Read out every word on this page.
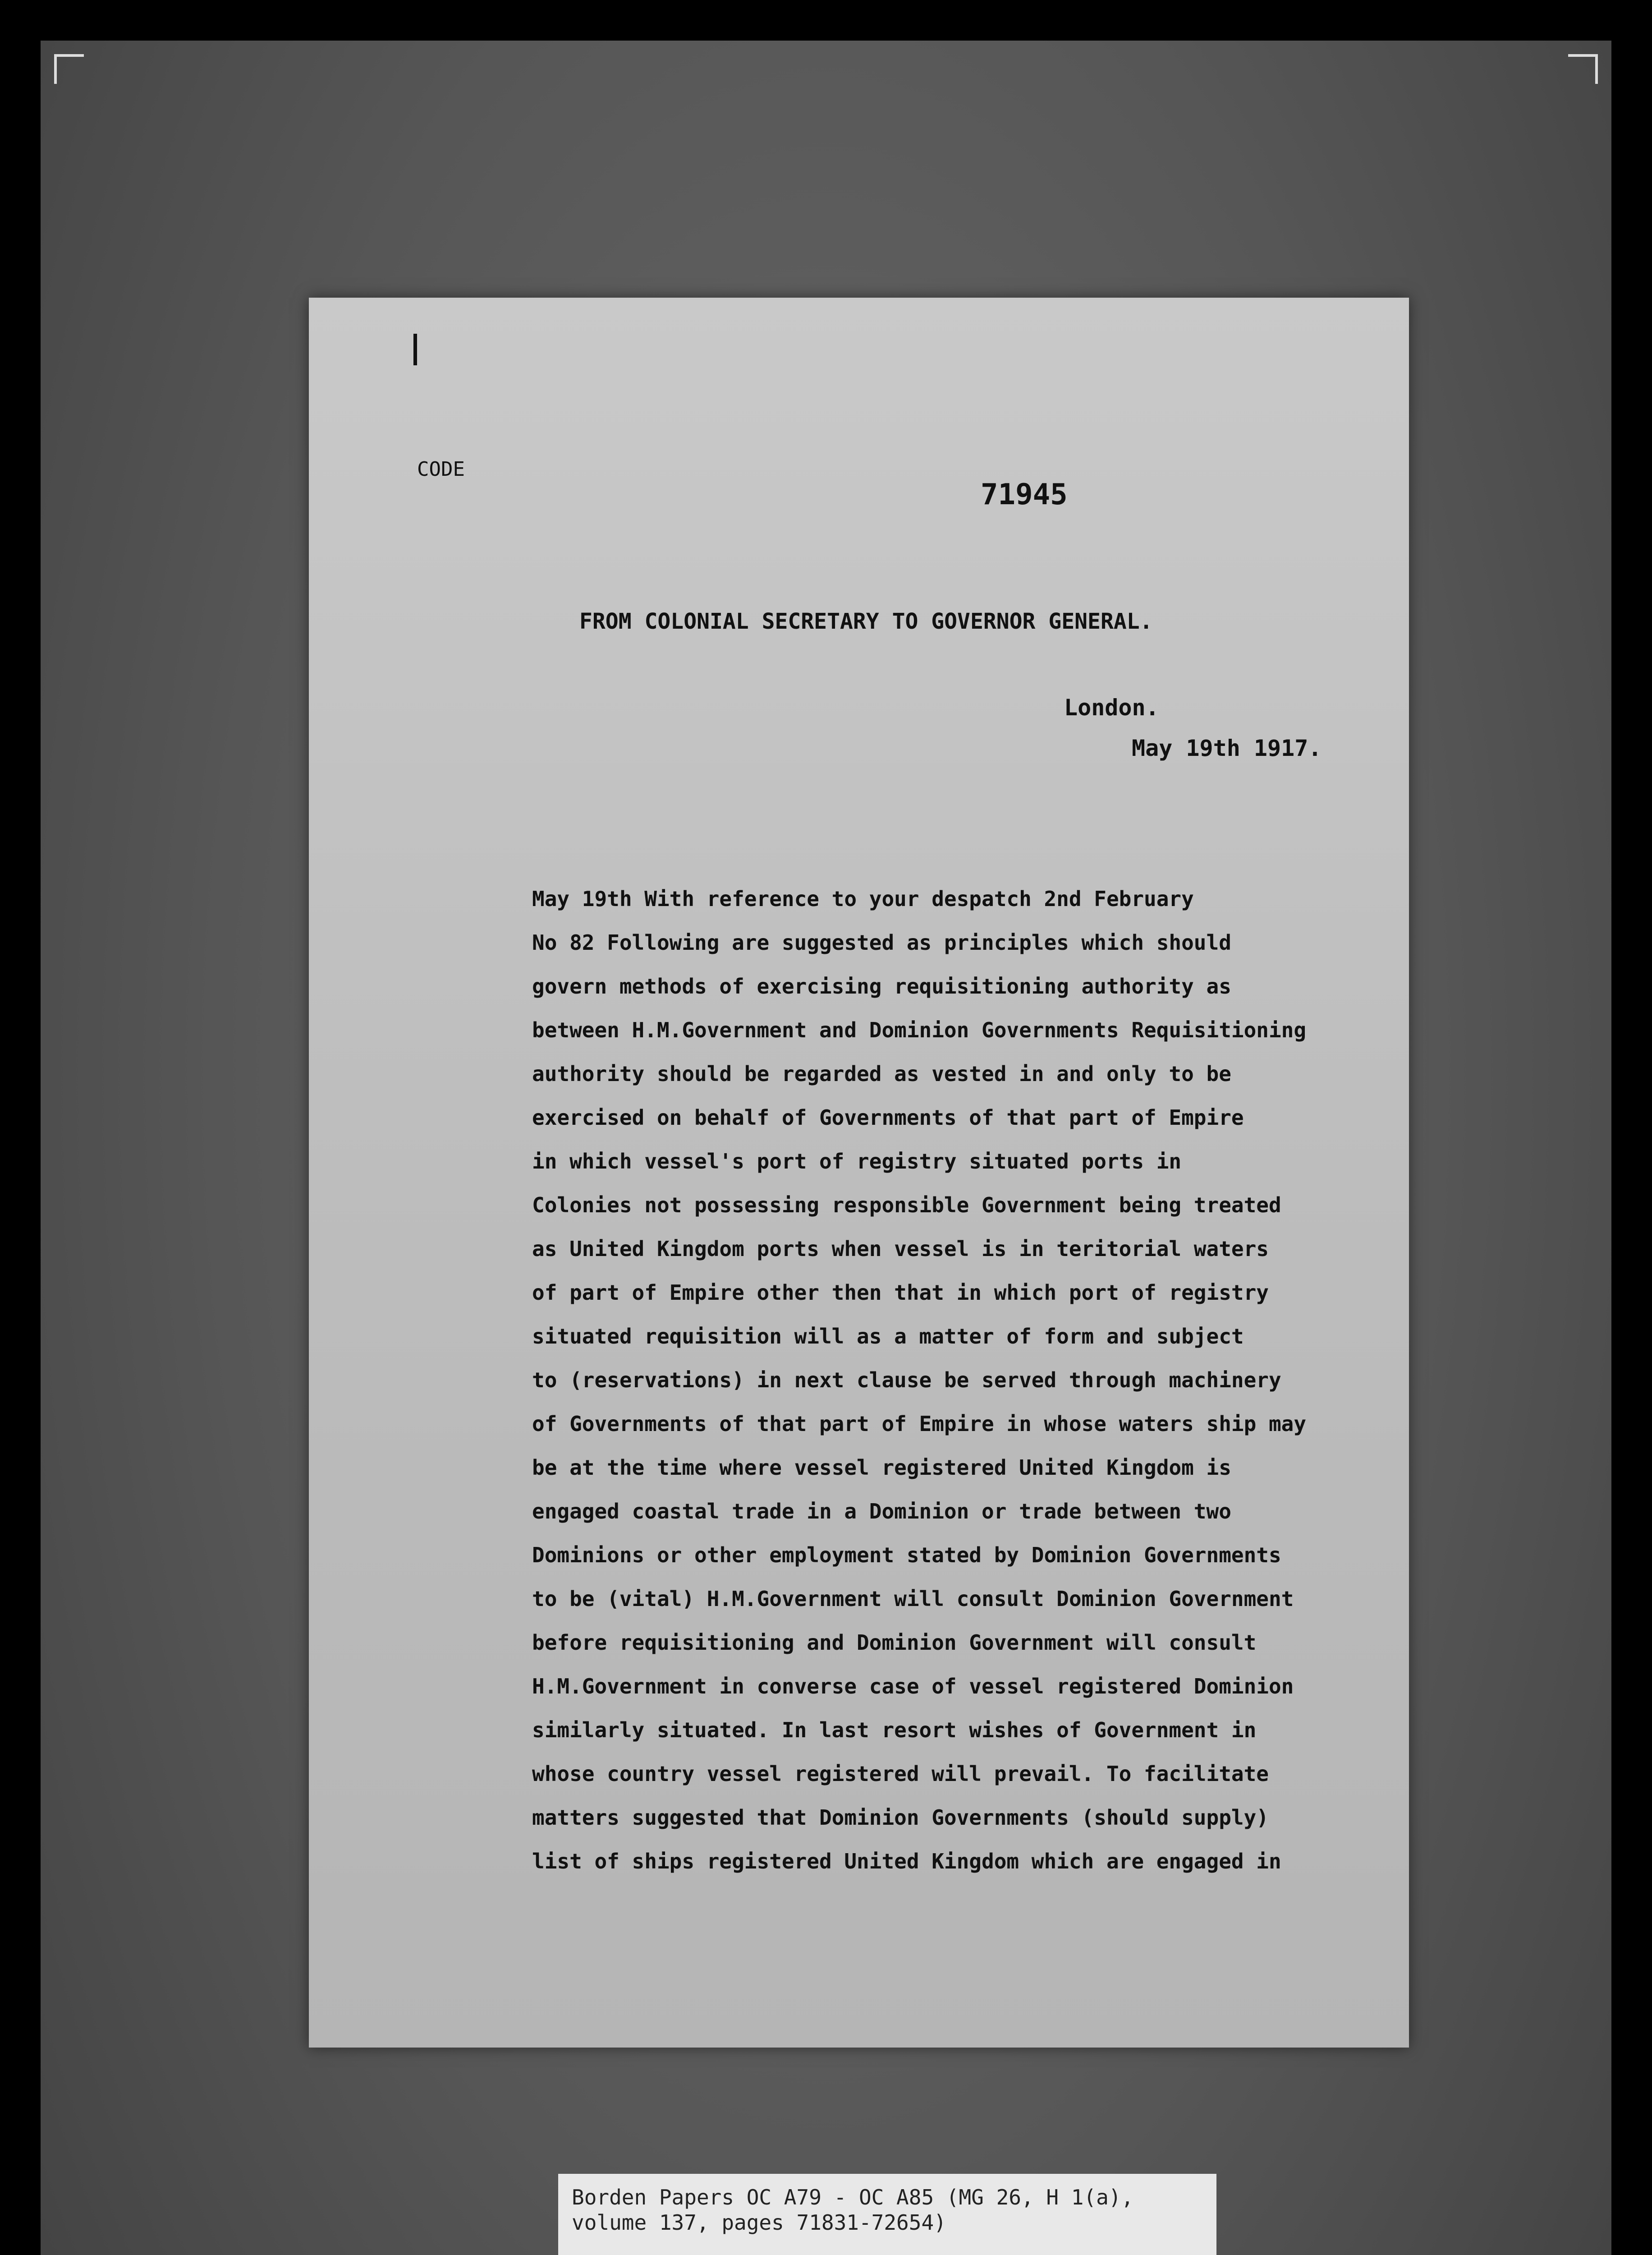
CODE
71945
FROM COLONIAL SECRETARY TO GOVERNOR GENERAL.
London.
May 19th 1917.
May 19th With reference to your despatch 2nd February
No 82 Following are suggested as principles which should
govern methods of exercising requisitioning authority as
between H.M.Government and Dominion Governments Requisitioning
authority should be regarded as vested in and only to be
exercised on behalf of Governments of that part of Empire
in which vessel's port of registry situated ports in
Colonies not possessing responsible Government being treated
as United Kingdom ports when vessel is in teritorial waters
of part of Empire other then that in which port of registry
situated requisition will as a matter of form and subject
to (reservations) in next clause be served through machinery
of Governments of that part of Empire in whose waters ship may
be at the time where vessel registered United Kingdom is
engaged coastal trade in a Dominion or trade between two
Dominions or other employment stated by Dominion Governments
to be (vital) H.M.Government will consult Dominion Government
before requisitioning and Dominion Government will consult
H.M.Government in converse case of vessel registered Dominion
similarly situated. In last resort wishes of Government in
whose country vessel registered will prevail. To facilitate
matters suggested that Dominion Governments (should supply)
list of ships registered United Kingdom which are engaged in
Borden Papers OC A79 - OC A85 (MG 26, H 1(a),
volume 137, pages 71831-72654)
